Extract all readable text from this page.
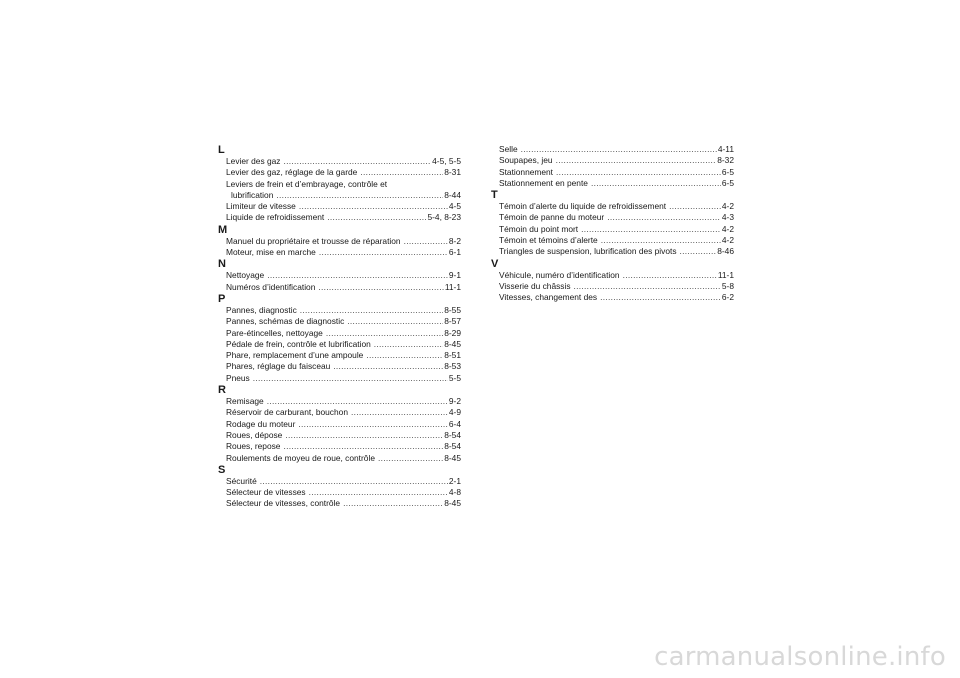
L
Levier des gaz .....	4-5, 5-5
Levier des gaz, réglage de la garde .....	8-31
Leviers de frein et d’embrayage, contrôle et
lubrification .....	8-44
Limiteur de vitesse .....	4-5
Liquide de refroidissement .....	5-4, 8-23
M
Manuel du propriétaire et trousse de réparation .....	8-2
Moteur, mise en marche .....	6-1
N
Nettoyage .....	9-1
Numéros d’identification .....	11-1
P
Pannes, diagnostic .....	8-55
Pannes, schémas de diagnostic .....	8-57
Pare-étincelles, nettoyage .....	8-29
Pédale de frein, contrôle et lubrification .....	8-45
Phare, remplacement d’une ampoule .....	8-51
Phares, réglage du faisceau .....	8-53
Pneus .....	5-5
R
Remisage .....	9-2
Réservoir de carburant, bouchon .....	4-9
Rodage du moteur .....	6-4
Roues, dépose .....	8-54
Roues, repose .....	8-54
Roulements de moyeu de roue, contrôle .....	8-45
S
Sécurité .....	2-1
Sélecteur de vitesses .....	4-8
Sélecteur de vitesses, contrôle .....	8-45
Selle .....	4-11
Soupapes, jeu .....	8-32
Stationnement .....	6-5
Stationnement en pente .....	6-5
T
Témoin d’alerte du liquide de refroidissement .....	4-2
Témoin de panne du moteur .....	4-3
Témoin du point mort .....	4-2
Témoin et témoins d’alerte .....	4-2
Triangles de suspension, lubrification des pivots .....	8-46
V
Véhicule, numéro d’identification .....	11-1
Visserie du châssis .....	5-8
Vitesses, changement des .....	6-2
carmanualsonline.info
